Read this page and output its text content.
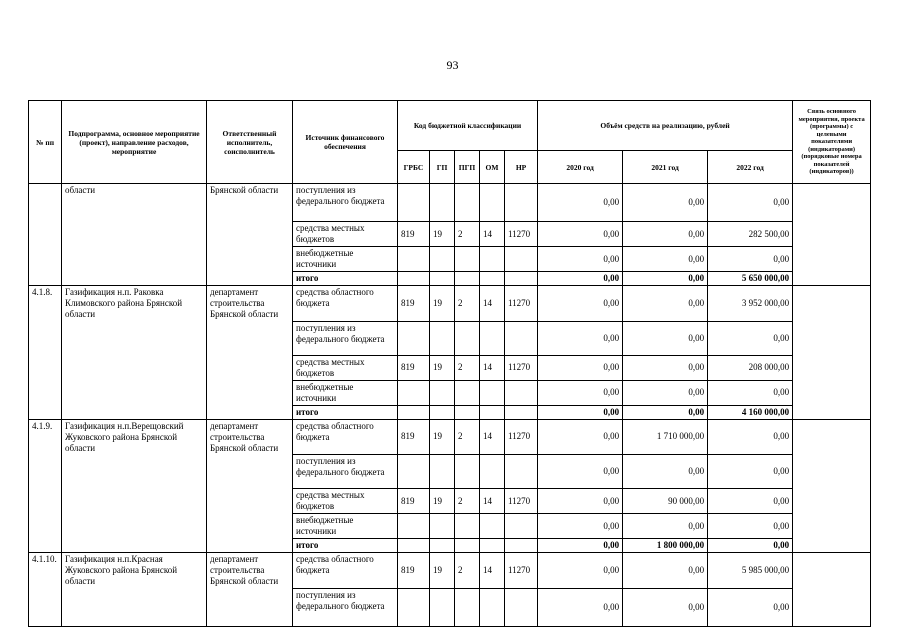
93
№ пп	Подпрограмма, основное мероприятие (проект), направление расходов, мероприятие	Ответственный исполнитель, соисполнитель	Источник финансового обеспечения	Код бюджетной классификации					Объём средств на реализацию, рублей			Связь основного мероприятия, проекта (программы) с целевыми показателями (индикаторами) (порядковые номера показателей (индикаторов))
				ГРБС	ГП	ПГП	ОМ	НР	2020 год	2021 год	2022 год	
	области	Брянской области	поступления из федерального бюджета						0,00	0,00	0,00	
			средства местных бюджетов	819	19	2	14	11270	0,00	0,00	282 500,00	
			внебюджетные источники						0,00	0,00	0,00	
			итого						0,00	0,00	5 650 000,00	
4.1.8.	Газификация н.п. Раковка Климовского района Брянской области	департамент строительства Брянской области	средства областного бюджета	819	19	2	14	11270	0,00	0,00	3 952 000,00	
			поступления из федерального бюджета						0,00	0,00	0,00	
			средства местных бюджетов	819	19	2	14	11270	0,00	0,00	208 000,00	
			внебюджетные источники						0,00	0,00	0,00	
			итого						0,00	0,00	4 160 000,00	
4.1.9.	Газификация н.п.Верещовский Жуковского района Брянской области	департамент строительства Брянской области	средства областного бюджета	819	19	2	14	11270	0,00	1 710 000,00	0,00	
			поступления из федерального бюджета						0,00	0,00	0,00	
			средства местных бюджетов	819	19	2	14	11270	0,00	90 000,00	0,00	
			внебюджетные источники						0,00	0,00	0,00	
			итого						0,00	1 800 000,00	0,00	
4.1.10.	Газификация н.п.Красная Жуковского района Брянской области	департамент строительства Брянской области	средства областного бюджета	819	19	2	14	11270	0,00	0,00	5 985 000,00	
			поступления из федерального бюджета						0,00	0,00	0,00	
